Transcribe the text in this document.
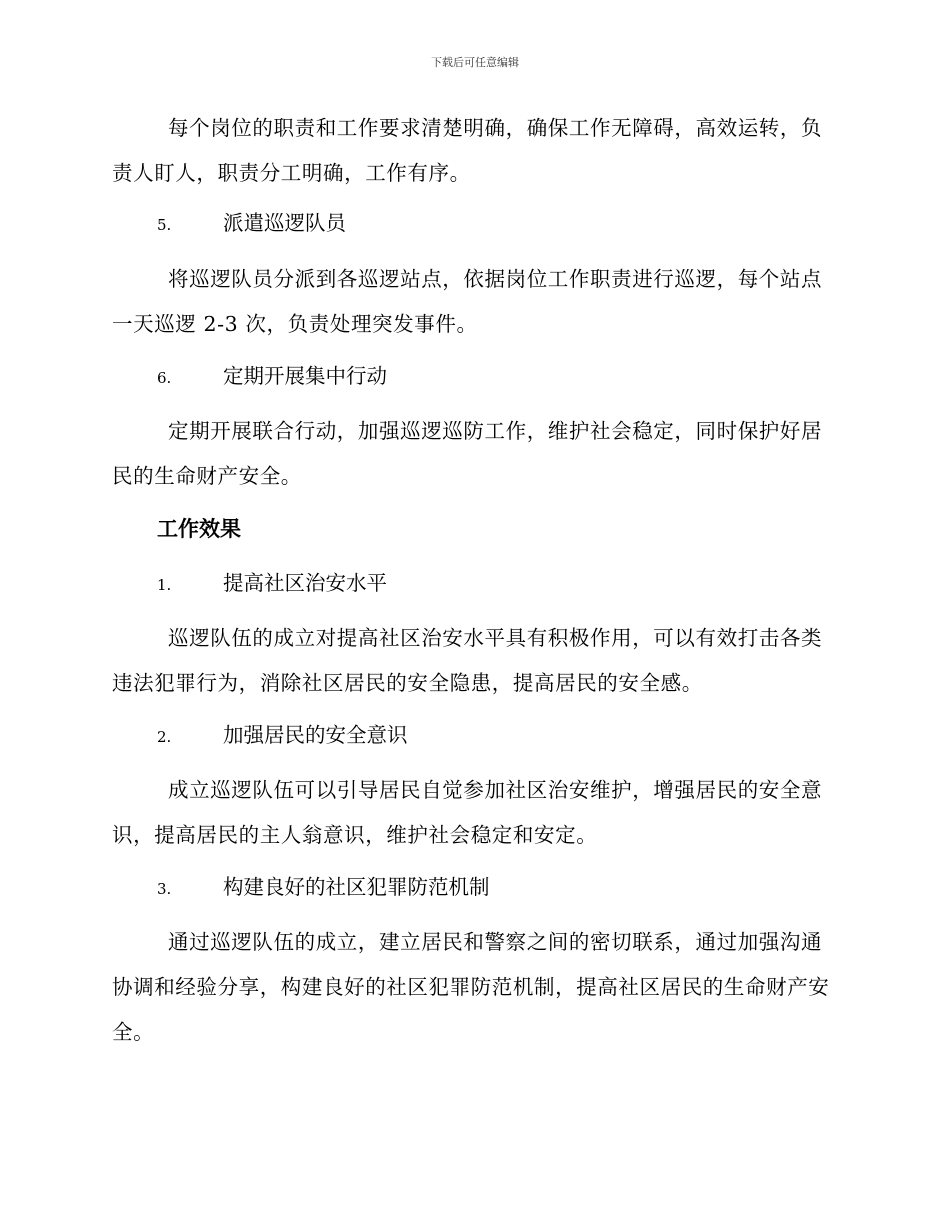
下载后可任意编辑
每个岗位的职责和工作要求清楚明确，确保工作无障碍，高效运转，负责人盯人，职责分工明确，工作有序。
5.	派遣巡逻队员
将巡逻队员分派到各巡逻站点，依据岗位工作职责进行巡逻，每个站点一天巡逻 2-3 次，负责处理突发事件。
6.	定期开展集中行动
定期开展联合行动，加强巡逻巡防工作，维护社会稳定，同时保护好居民的生命财产安全。
工作效果
1.	提高社区治安水平
巡逻队伍的成立对提高社区治安水平具有积极作用，可以有效打击各类违法犯罪行为，消除社区居民的安全隐患，提高居民的安全感。
2.	加强居民的安全意识
成立巡逻队伍可以引导居民自觉参加社区治安维护，增强居民的安全意识，提高居民的主人翁意识，维护社会稳定和安定。
3.	构建良好的社区犯罪防范机制
通过巡逻队伍的成立，建立居民和警察之间的密切联系，通过加强沟通协调和经验分享，构建良好的社区犯罪防范机制，提高社区居民的生命财产安全。
